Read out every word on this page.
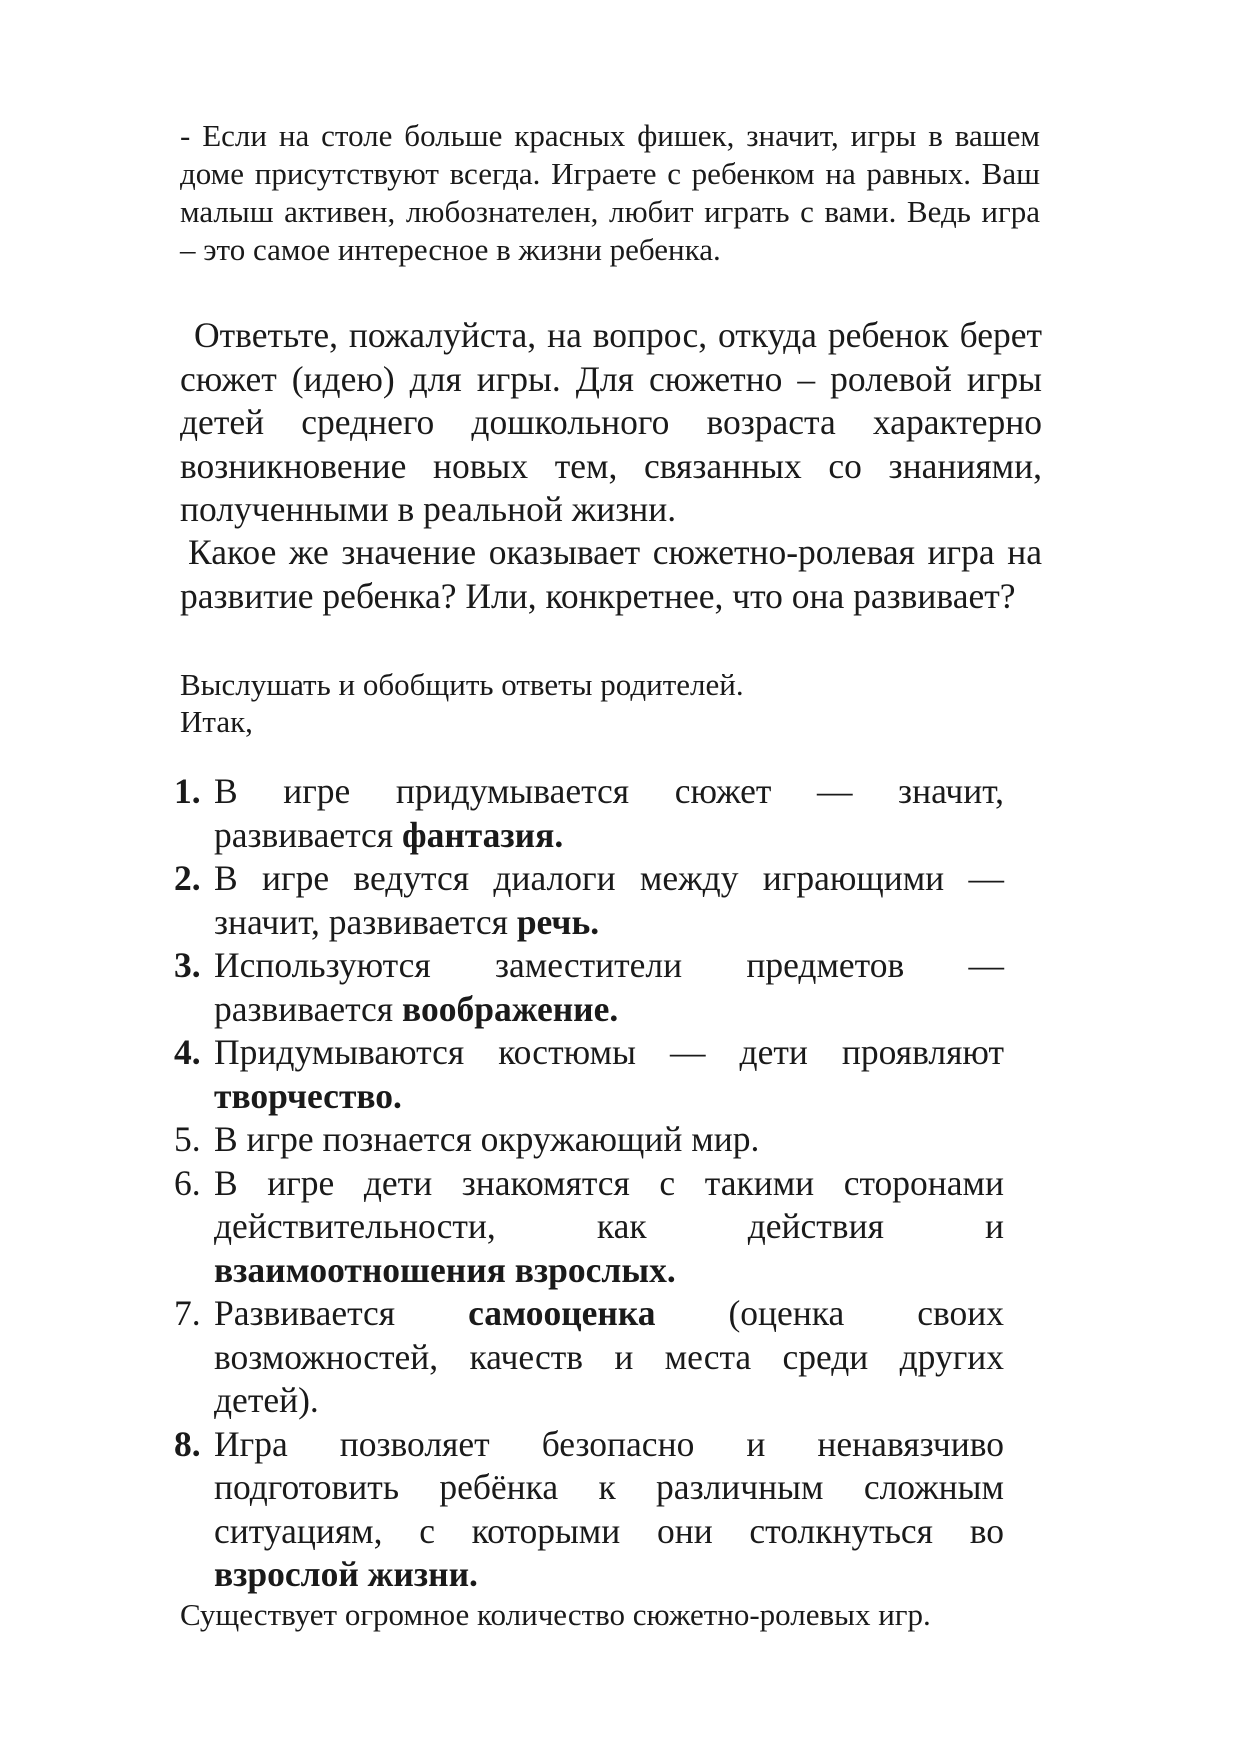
- Если на столе больше красных фишек, значит, игры в вашем доме присутствуют всегда. Играете с ребенком на равных. Ваш малыш активен, любознателен, любит играть с вами. Ведь игра – это самое интересное в жизни ребенка.

Ответьте, пожалуйста, на вопрос, откуда ребенок берет сюжет (идею) для игры. Для сюжетно – ролевой игры детей среднего дошкольного возраста характерно возникновение новых тем, связанных со знаниями, полученными в реальной жизни.

Какое же значение оказывает сюжетно-ролевая игра на развитие ребенка? Или, конкретнее, что она развивает?

Выслушать и обобщить ответы родителей.

Итак,

1. В игре придумывается сюжет — значит, развивается фантазия.
2. В игре ведутся диалоги между играющими — значит, развивается речь.
3. Используются заместители предметов — развивается воображение.
4. Придумываются костюмы — дети проявляют творчество.
5. В игре познается окружающий мир.
6. В игре дети знакомятся с такими сторонами действительности, как действия и взаимоотношения взрослых.
7. Развивается самооценка (оценка своих возможностей, качеств и места среди других детей).
8. Игра позволяет безопасно и ненавязчиво подготовить ребёнка к различным сложным ситуациям, с которыми они столкнуться во взрослой жизни.

Существует огромное количество сюжетно-ролевых игр.
